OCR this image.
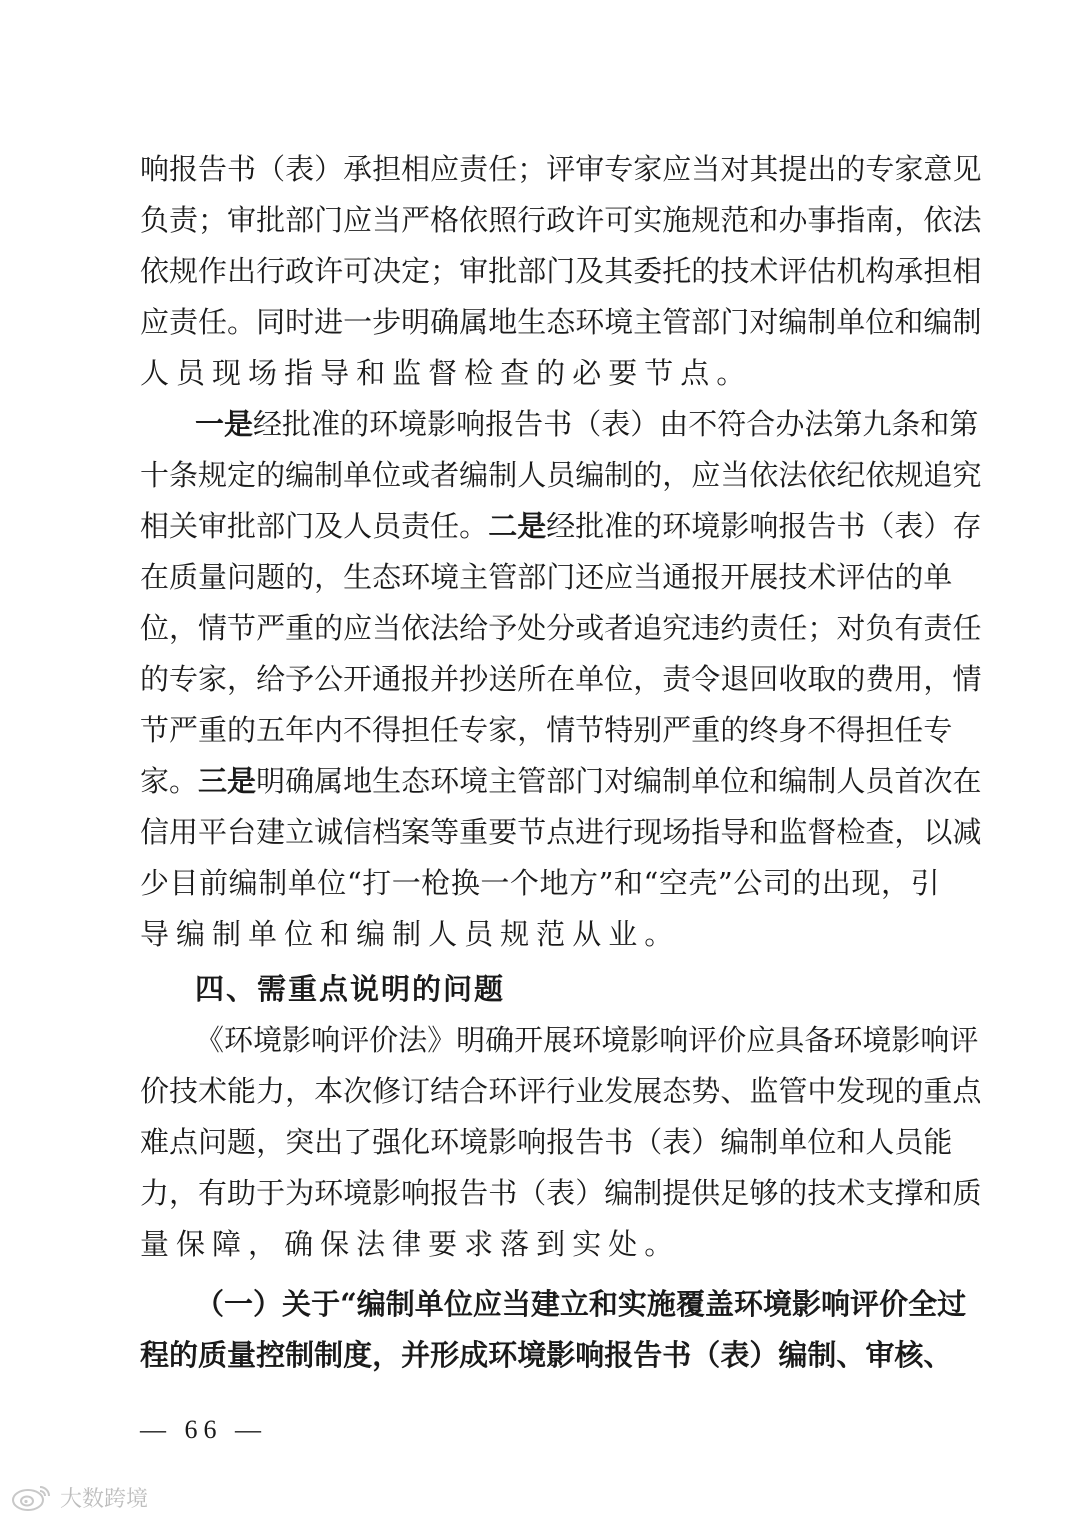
响 报 告 书 （ 表 ） 承 担 相 应 责 任 ； 评 审 专 家 应 当 对 其 提 出 的 专 家 意 见
负 责 ； 审 批 部 门 应 当 严 格 依 照 行 政 许 可 实 施 规 范 和 办 事 指 南 ， 依 法
依 规 作 出 行 政 许 可 决 定 ； 审 批 部 门 及 其 委 托 的 技 术 评 估 机 构 承 担 相
应 责 任 。 同 时 进 一 步 明 确 属 地 生 态 环 境 主 管 部 门 对 编 制 单 位 和 编 制
人 员 现 场 指 导 和 监 督 检 查 的 必 要 节 点 。
一 是 经 批 准 的 环 境 影 响 报 告 书 （ 表 ） 由 不 符 合 办 法 第 九 条 和 第
十 条 规 定 的 编 制 单 位 或 者 编 制 人 员 编 制 的 ， 应 当 依 法 依 纪 依 规 追 究
相 关 审 批 部 门 及 人 员 责 任 。 二 是 经 批 准 的 环 境 影 响 报 告 书 （ 表 ） 存
在 质 量 问 题 的 ， 生 态 环 境 主 管 部 门 还 应 当 通 报 开 展 技 术 评 估 的 单
位 ， 情 节 严 重 的 应 当 依 法 给 予 处 分 或 者 追 究 违 约 责 任 ； 对 负 有 责 任
的 专 家 ， 给 予 公 开 通 报 并 抄 送 所 在 单 位 ， 责 令 退 回 收 取 的 费 用 ， 情
节 严 重 的 五 年 内 不 得 担 任 专 家 ， 情 节 特 别 严 重 的 终 身 不 得 担 任 专
家 。 三 是 明 确 属 地 生 态 环 境 主 管 部 门 对 编 制 单 位 和 编 制 人 员 首 次 在
信 用 平 台 建 立 诚 信 档 案 等 重 要 节 点 进 行 现 场 指 导 和 监 督 检 查 ， 以 减
少 目 前 编 制 单 位 “ 打 一 枪 换 一 个 地 方 ” 和 “ 空 壳 ” 公 司 的 出 现 ， 引
导 编 制 单 位 和 编 制 人 员 规 范 从 业 。
《 环 境 影 响 评 价 法 》 明 确 开 展 环 境 影 响 评 价 应 具 备 环 境 影 响 评
价 技 术 能 力 ， 本 次 修 订 结 合 环 评 行 业 发 展 态 势 、 监 管 中 发 现 的 重 点
难 点 问 题 ， 突 出 了 强 化 环 境 影 响 报 告 书 （ 表 ） 编 制 单 位 和 人 员 能
力 ， 有 助 于 为 环 境 影 响 报 告 书 （ 表 ） 编 制 提 供 足 够 的 技 术 支 撑 和 质
量 保 障 ， 确 保 法 律 要 求 落 到 实 处 。
（ 一 ） 关 于 “ 编 制 单 位 应 当 建 立 和 实 施 覆 盖 环 境 影 响 评 价 全 过
程 的 质 量 控 制 制 度 ， 并 形 成 环 境 影 响 报 告 书 （ 表 ） 编 制 、 审 核 、
四、需重点说明的问题
— 66 —
大数跨境
